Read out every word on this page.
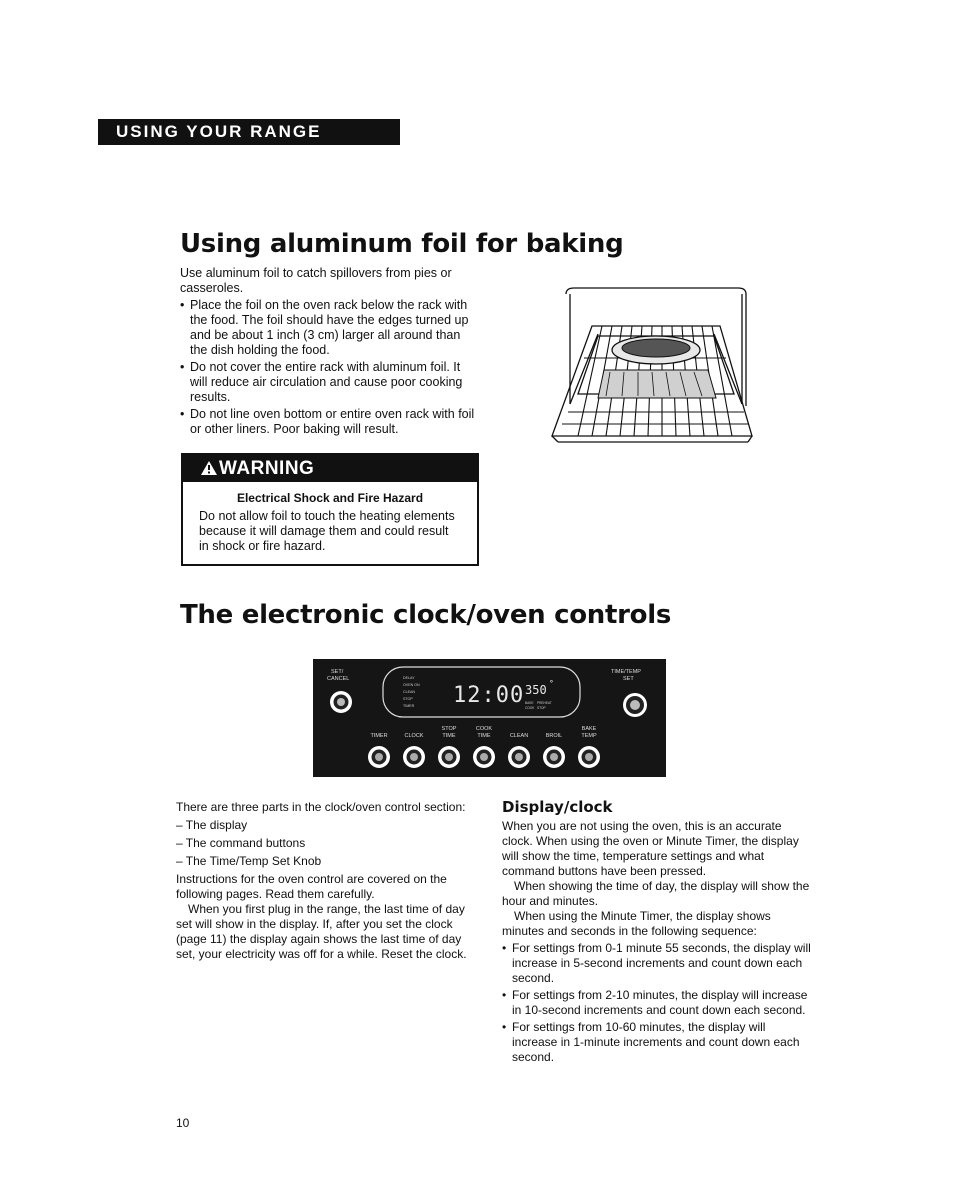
USING YOUR RANGE
Using aluminum foil for baking

Use aluminum foil to catch spillovers from pies or casseroles.

• Place the foil on the oven rack below the rack with the food. The foil should have the edges turned up and be about 1 inch (3 cm) larger all around than the dish holding the food.
• Do not cover the entire rack with aluminum foil. It will reduce air circulation and cause poor cooking results.
• Do not line oven bottom or entire oven rack with foil or other liners. Poor baking will result.
WARNING
Electrical Shock and Fire Hazard
Do not allow foil to touch the heating elements because it will damage them and could result in shock or fire hazard.
The electronic clock/oven controls
SET/
CANCEL
TIME/TEMP
SET
DELAY
OVEN ON
CLEAN
STOP
TIMER 12:00 350 °
BAKE PREHEAT
COOK STOP
TIMER	CLOCK
STOP
TIME
COOK
TIME	CLEAN	BROIL
BAKE
TEMP

There are three parts in the clock/oven control section:

– The display
– The command buttons
– The Time/Temp Set Knob

Instructions for the oven control are covered on the following pages. Read them carefully.

When you first plug in the range, the last time of day set will show in the display. If, after you set the clock (page 11) the display again shows the last time of day set, your electricity was off for a while. Reset the clock.

Display/clock

When you are not using the oven, this is an accurate clock. When using the oven or Minute Timer, the display will show the time, temperature settings and what command buttons have been pressed.

When showing the time of day, the display will show the hour and minutes.

When using the Minute Timer, the display shows minutes and seconds in the following sequence:

• For settings from 0-1 minute 55 seconds, the display will increase in 5-second increments and count down each second.
• For settings from 2-10 minutes, the display will increase in 10-second increments and count down each second.
• For settings from 10-60 minutes, the display will increase in 1-minute increments and count down each second.
10
